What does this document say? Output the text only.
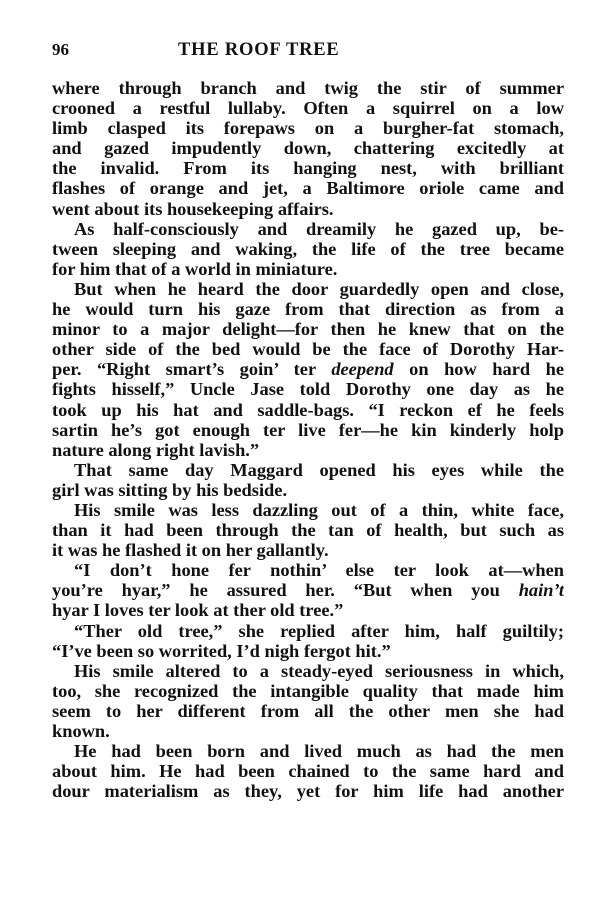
96	THE ROOF TREE
where through branch and twig the stir of summer
crooned a restful lullaby. Often a squirrel on a low
limb clasped its forepaws on a burgher-fat stomach,
and gazed impudently down, chattering excitedly at
the invalid. From its hanging nest, with brilliant
flashes of orange and jet, a Baltimore oriole came and
went about its housekeeping affairs.
As half-consciously and dreamily he gazed up, be-
tween sleeping and waking, the life of the tree became
for him that of a world in miniature.
But when he heard the door guardedly open and close,
he would turn his gaze from that direction as from a
minor to a major delight—for then he knew that on the
other side of the bed would be the face of Dorothy Har-
per. “Right smart’s goin’ ter deepend on how hard he
fights hisself,” Uncle Jase told Dorothy one day as he
took up his hat and saddle-bags. “I reckon ef he feels
sartin he’s got enough ter live fer—he kin kinderly holp
nature along right lavish.”
That same day Maggard opened his eyes while the
girl was sitting by his bedside.
His smile was less dazzling out of a thin, white face,
than it had been through the tan of health, but such as
it was he flashed it on her gallantly.
“I don’t hone fer nothin’ else ter look at—when
you’re hyar,” he assured her. “But when you hain’t
hyar I loves ter look at ther old tree.”
“Ther old tree,” she replied after him, half guiltily;
“I’ve been so worrited, I’d nigh fergot hit.”
His smile altered to a steady-eyed seriousness in which,
too, she recognized the intangible quality that made him
seem to her different from all the other men she had
known.
He had been born and lived much as had the men
about him. He had been chained to the same hard and
dour materialism as they, yet for him life had another
